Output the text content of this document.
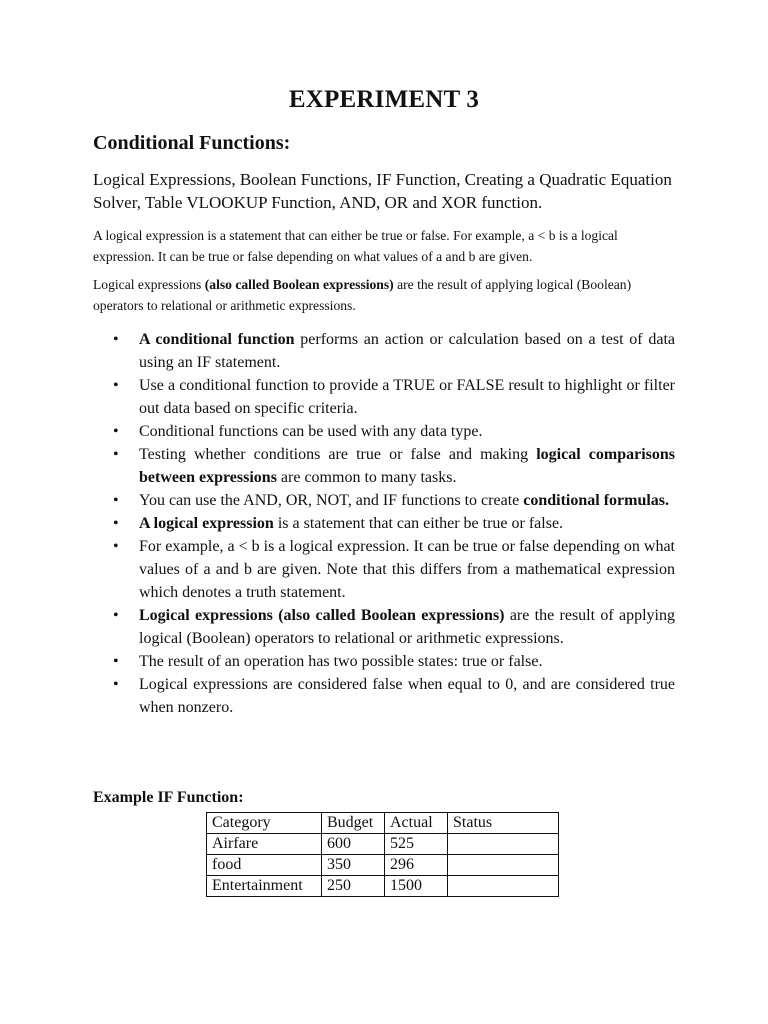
EXPERIMENT 3
Conditional Functions:

Logical Expressions, Boolean Functions, IF Function, Creating a Quadratic Equation Solver, Table VLOOKUP Function, AND, OR and XOR function.

A logical expression is a statement that can either be true or false. For example, a < b is a logical expression. It can be true or false depending on what values of a and b are given.

Logical expressions (also called Boolean expressions) are the result of applying logical (Boolean) operators to relational or arithmetic expressions.

• A conditional function performs an action or calculation based on a test of data using an IF statement.
• Use a conditional function to provide a TRUE or FALSE result to highlight or filter out data based on specific criteria.
• Conditional functions can be used with any data type.
• Testing whether conditions are true or false and making logical comparisons between expressions are common to many tasks.
• You can use the AND, OR, NOT, and IF functions to create conditional formulas.
• A logical expression is a statement that can either be true or false.
• For example, a < b is a logical expression. It can be true or false depending on what values of a and b are given. Note that this differs from a mathematical expression which denotes a truth statement.
• Logical expressions (also called Boolean expressions) are the result of applying logical (Boolean) operators to relational or arithmetic expressions.
• The result of an operation has two possible states: true or false.
• Logical expressions are considered false when equal to 0, and are considered true when nonzero.
Example IF Function:
Category	Budget	Actual	Status
Airfare	600	525	
food	350	296	
Entertainment	250	1500	
